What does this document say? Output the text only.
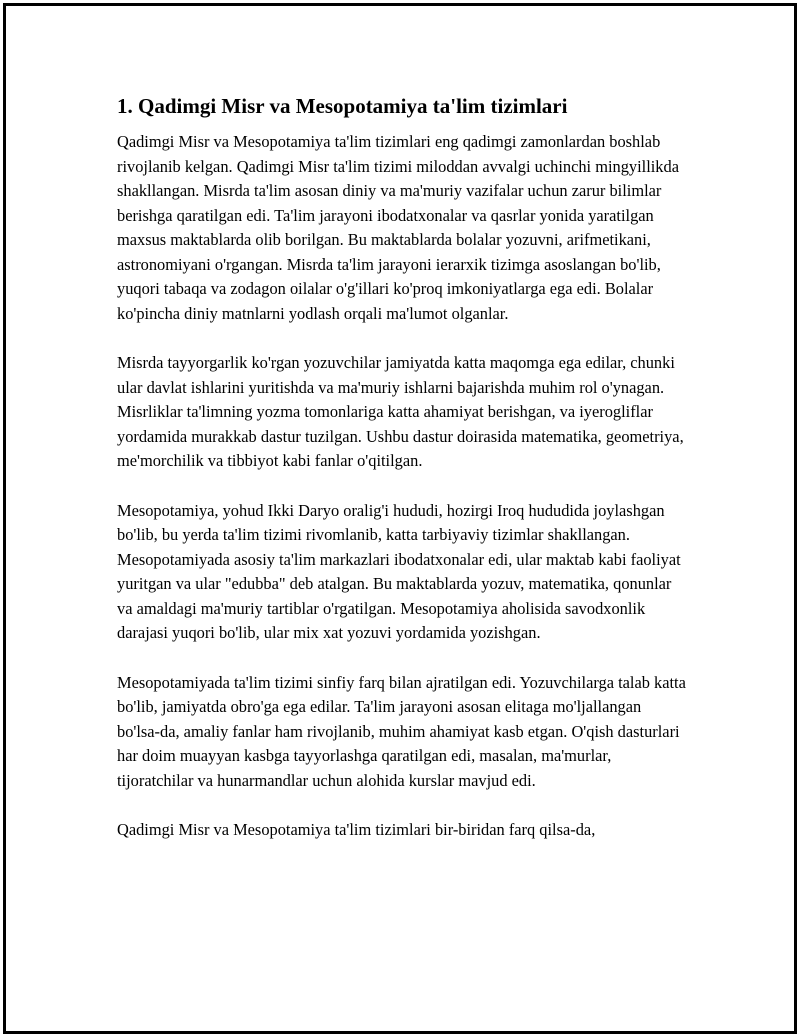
1. Qadimgi Misr va Mesopotamiya ta'lim tizimlari

Qadimgi Misr va Mesopotamiya ta'lim tizimlari eng qadimgi zamonlardan boshlab rivojlanib kelgan. Qadimgi Misr ta'lim tizimi miloddan avvalgi uchinchi mingyillikda shakllangan. Misrda ta'lim asosan diniy va ma'muriy vazifalar uchun zarur bilimlar berishga qaratilgan edi. Ta'lim jarayoni ibodatxonalar va qasrlar yonida yaratilgan maxsus maktablarda olib borilgan. Bu maktablarda bolalar yozuvni, arifmetikani, astronomiyani o'rgangan. Misrda ta'lim jarayoni ierarxik tizimga asoslangan bo'lib, yuqori tabaqa va zodagon oilalar o'g'illari ko'proq imkoniyatlarga ega edi. Bolalar ko'pincha diniy matnlarni yodlash orqali ma'lumot olganlar.

Misrda tayyorgarlik ko'rgan yozuvchilar jamiyatda katta maqomga ega edilar, chunki ular davlat ishlarini yuritishda va ma'muriy ishlarni bajarishda muhim rol o'ynagan. Misrliklar ta'limning yozma tomonlariga katta ahamiyat berishgan, va iyerogliflar yordamida murakkab dastur tuzilgan. Ushbu dastur doirasida matematika, geometriya, me'morchilik va tibbiyot kabi fanlar o'qitilgan.

Mesopotamiya, yohud Ikki Daryo oralig'i hududi, hozirgi Iroq hududida joylashgan bo'lib, bu yerda ta'lim tizimi rivomlanib, katta tarbiyaviy tizimlar shakllangan. Mesopotamiyada asosiy ta'lim markazlari ibodatxonalar edi, ular maktab kabi faoliyat yuritgan va ular "edubba" deb atalgan. Bu maktablarda yozuv, matematika, qonunlar va amaldagi ma'muriy tartiblar o'rgatilgan. Mesopotamiya aholisida savodxonlik darajasi yuqori bo'lib, ular mix xat yozuvi yordamida yozishgan.

Mesopotamiyada ta'lim tizimi sinfiy farq bilan ajratilgan edi. Yozuvchilarga talab katta bo'lib, jamiyatda obro'ga ega edilar. Ta'lim jarayoni asosan elitaga mo'ljallangan bo'lsa-da, amaliy fanlar ham rivojlanib, muhim ahamiyat kasb etgan. O'qish dasturlari har doim muayyan kasbga tayyorlashga qaratilgan edi, masalan, ma'murlar, tijoratchilar va hunarmandlar uchun alohida kurslar mavjud edi.

Qadimgi Misr va Mesopotamiya ta'lim tizimlari bir-biridan farq qilsa-da,
